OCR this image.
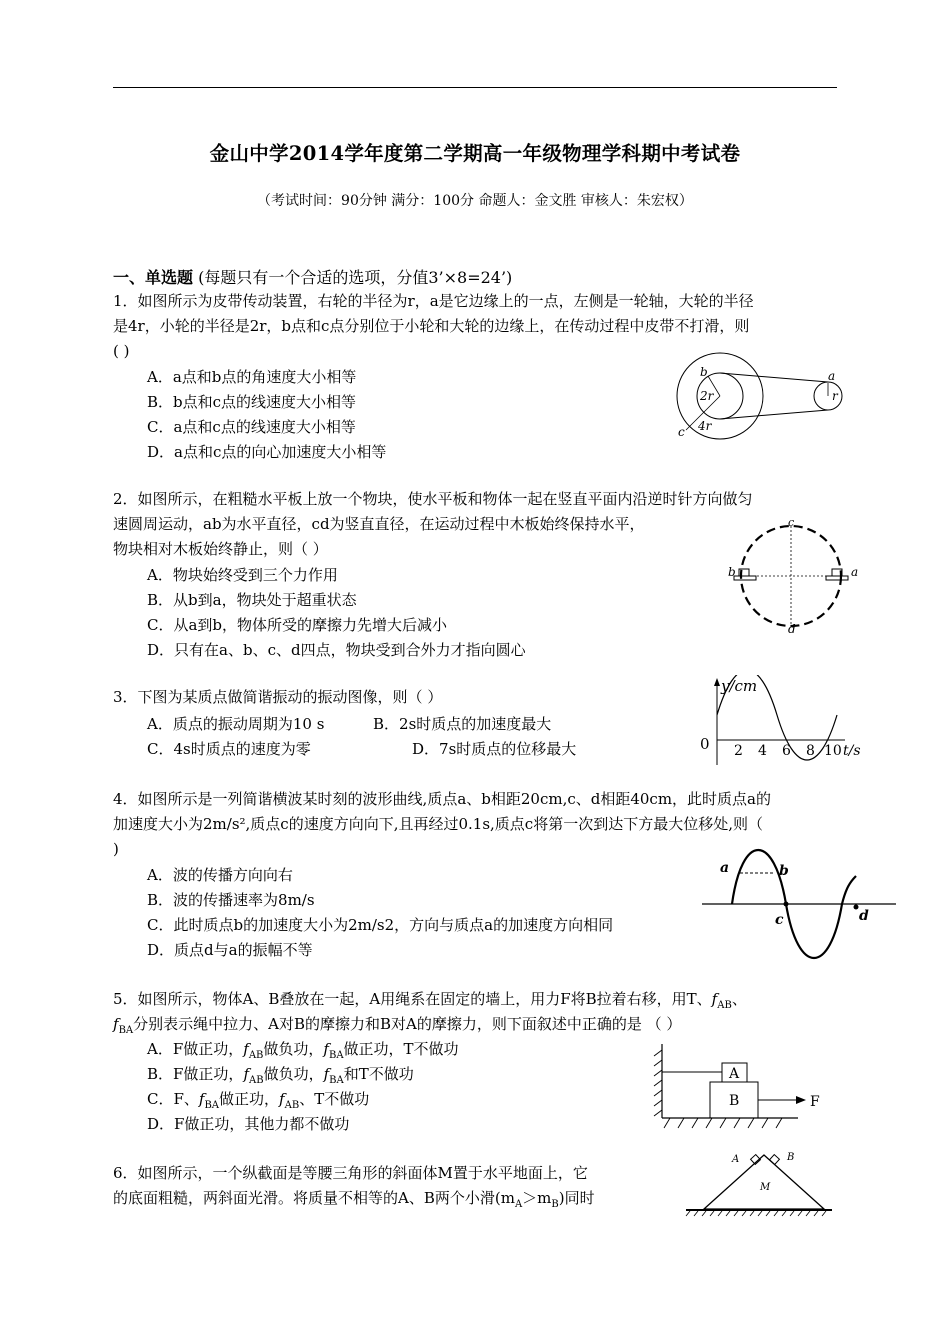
金山中学2014学年度第二学期高一年级物理学科期中考试卷
（考试时间：90分钟 满分：100分 命题人：金文胜 审核人：朱宏权）
一、单选题 (每题只有一个合适的选项，分值3’×8=24’)
1．如图所示为皮带传动装置，右轮的半径为r，a是它边缘上的一点，左侧是一轮轴，大轮的半径
是4r，小轮的半径是2r，b点和c点分别位于小轮和大轮的边缘上，在传动过程中皮带不打滑，则
( )
A．a点和b点的角速度大小相等
B．b点和c点的线速度大小相等
C．a点和c点的线速度大小相等
D．a点和c点的向心加速度大小相等
b
2r
c 4r
a
r
2．如图所示，在粗糙水平板上放一个物块，使水平板和物体一起在竖直平面内沿逆时针方向做匀
速圆周运动，ab为水平直径，cd为竖直直径，在运动过程中木板始终保持水平，
物块相对木板始终静止，则（ ）
A．物块始终受到三个力作用
B．从b到a，物块处于超重状态
C．从a到b，物体所受的摩擦力先增大后减小
D．只有在a、b、c、d四点，物块受到合外力才指向圆心
c
b	a
d
3．下图为某质点做简谐振动的振动图像，则（ ）
A．质点的振动周期为10 s	B．2s时质点的加速度最大
C．4s时质点的速度为零	D．7s时质点的位移最大
y/cm
0 2 4 6 8 10 t/s
4．如图所示是一列简谐横波某时刻的波形曲线,质点a、b相距20cm,c、d相距40cm，此时质点a的
加速度大小为2m/s²,质点c的速度方向向下,且再经过0.1s,质点c将第一次到达下方最大位移处,则（
)
A．波的传播方向向右
B．波的传播速率为8m/s
C．此时质点b的加速度大小为2m/s2，方向与质点a的加速度方向相同
D．质点d与a的振幅不等
a	b
c	d
5．如图所示，物体A、B叠放在一起，A用绳系在固定的墙上，用力F将B拉着右移，用T、$f_{AB}$、
$f_{BA}$分别表示绳中拉力、A对B的摩擦力和B对A的摩擦力，则下面叙述中正确的是 （ ）
A．F做正功，$f_{AB}$做负功，$f_{BA}$做正功，T不做功
B．F做正功，$f_{AB}$做负功，$f_{BA}$和T不做功
C．F、$f_{BA}$做正功，$f_{AB}$、T不做功
D．F做正功，其他力都不做功
A
B	F
6．如图所示，一个纵截面是等腰三角形的斜面体M置于水平地面上，它
的底面粗糙，两斜面光滑。将质量不相等的A、B两个小滑$(m_A>m_B)$同时
A	B
M
